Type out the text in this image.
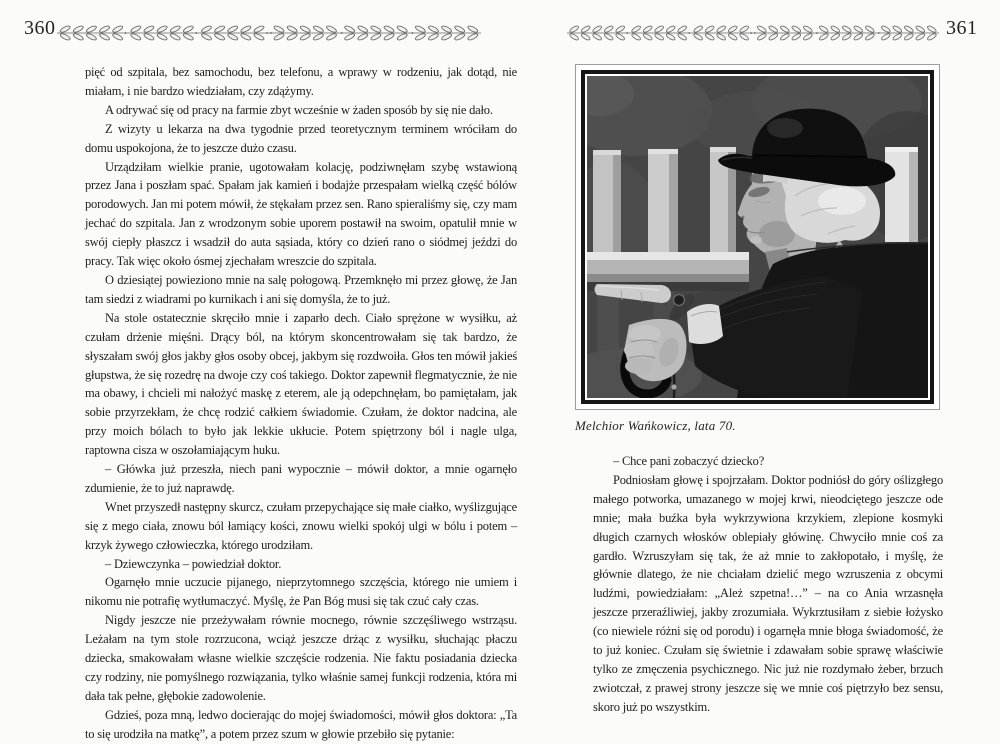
360	361

pięć od szpitala, bez samochodu, bez telefonu, a wprawy w rodzeniu, jak dotąd, nie miałam, i nie bardzo wiedziałam, czy zdążymy.

A odrywać się od pracy na farmie zbyt wcześnie w żaden sposób by się nie dało.

Z wizyty u lekarza na dwa tygodnie przed teoretycznym terminem wróciłam do domu uspokojona, że to jeszcze dużo czasu.

Urządziłam wielkie pranie, ugotowałam kolację, podziwnęłam szybę wstawioną przez Jana i poszłam spać. Spałam jak kamień i bodajże przespałam wielką część bólów porodowych. Jan mi potem mówił, że stękałam przez sen. Rano spieraliśmy się, czy mam jechać do szpitala. Jan z wrodzonym sobie uporem postawił na swoim, opatulił mnie w swój ciepły płaszcz i wsadził do auta sąsiada, który co dzień rano o siódmej jeździ do pracy. Tak więc około ósmej zjechałam wreszcie do szpitala.

O dziesiątej powieziono mnie na salę połogową. Przemknęło mi przez głowę, że Jan tam siedzi z wiadrami po kurnikach i ani się domyśla, że to już.

Na stole ostatecznie skręciło mnie i zaparło dech. Ciało sprężone w wysiłku, aż czułam drżenie mięśni. Drący ból, na którym skoncentrowałam się tak bardzo, że słyszałam swój głos jakby głos osoby obcej, jakbym się rozdwoiła. Głos ten mówił jakieś głupstwa, że się rozedrę na dwoje czy coś takiego. Doktor zapewnił flegmatycznie, że nie ma obawy, i chcieli mi nałożyć maskę z eterem, ale ją odepchnęłam, bo pamiętałam, jak sobie przyrzekłam, że chcę rodzić całkiem świadomie. Czułam, że doktor nadcina, ale przy moich bólach to było jak lekkie ukłucie. Potem spiętrzony ból i nagle ulga, raptowna cisza w oszołamiającym huku.

– Główka już przeszła, niech pani wypocznie – mówił doktor, a mnie ogarnęło zdumienie, że to już naprawdę.

Wnet przyszedł następny skurcz, czułam przepychające się małe ciałko, wyślizgujące się z mego ciała, znowu ból łamiący kości, znowu wielki spokój ulgi w bólu i potem – krzyk żywego człowieczka, którego urodziłam.

– Dziewczynka – powiedział doktor.

Ogarnęło mnie uczucie pijanego, nieprzytomnego szczęścia, którego nie umiem i nikomu nie potrafię wytłumaczyć. Myślę, że Pan Bóg musi się tak czuć cały czas.

Nigdy jeszcze nie przeżywałam równie mocnego, równie szczęśliwego wstrząsu. Leżałam na tym stole rozrzucona, wciąż jeszcze drżąc z wysiłku, słuchając płaczu dziecka, smakowałam własne wielkie szczęście rodzenia. Nie faktu posiadania dziecka czy rodziny, nie pomyślnego rozwiązania, tylko właśnie samej funkcji rodzenia, która mi dała tak pełne, głębokie zadowolenie.

Gdzieś, poza mną, ledwo docierając do mojej świadomości, mówił głos doktora: „Ta to się urodziła na matkę”, a potem przez szum w głowie przebiło się pytanie:

Melchior Wańkowicz, lata 70.

– Chce pani zobaczyć dziecko?

Podniosłam głowę i spojrzałam. Doktor podniósł do góry oślizgłego małego potworka, umazanego w mojej krwi, nieodciętego jeszcze ode mnie; mała buźka była wykrzywiona krzykiem, zlepione kosmyki długich czarnych włosków oblepiały główinę. Chwyciło mnie coś za gardło. Wzruszyłam się tak, że aż mnie to zakłopotało, i myślę, że głównie dlatego, że nie chciałam dzielić mego wzruszenia z obcymi ludźmi, powiedziałam: „Ależ szpetna!…” – na co Ania wrzasnęła jeszcze przeraźliwiej, jakby zrozumiała. Wykrztusiłam z siebie łożysko (co niewiele różni się od porodu) i ogarnęła mnie błoga świadomość, że to już koniec. Czułam się świetnie i zdawałam sobie sprawę właściwie tylko ze zmęczenia psychicznego. Nic już nie rozdymało żeber, brzuch zwiotczał, z prawej strony jeszcze się we mnie coś piętrzyło bez sensu, skoro już po wszystkim.
